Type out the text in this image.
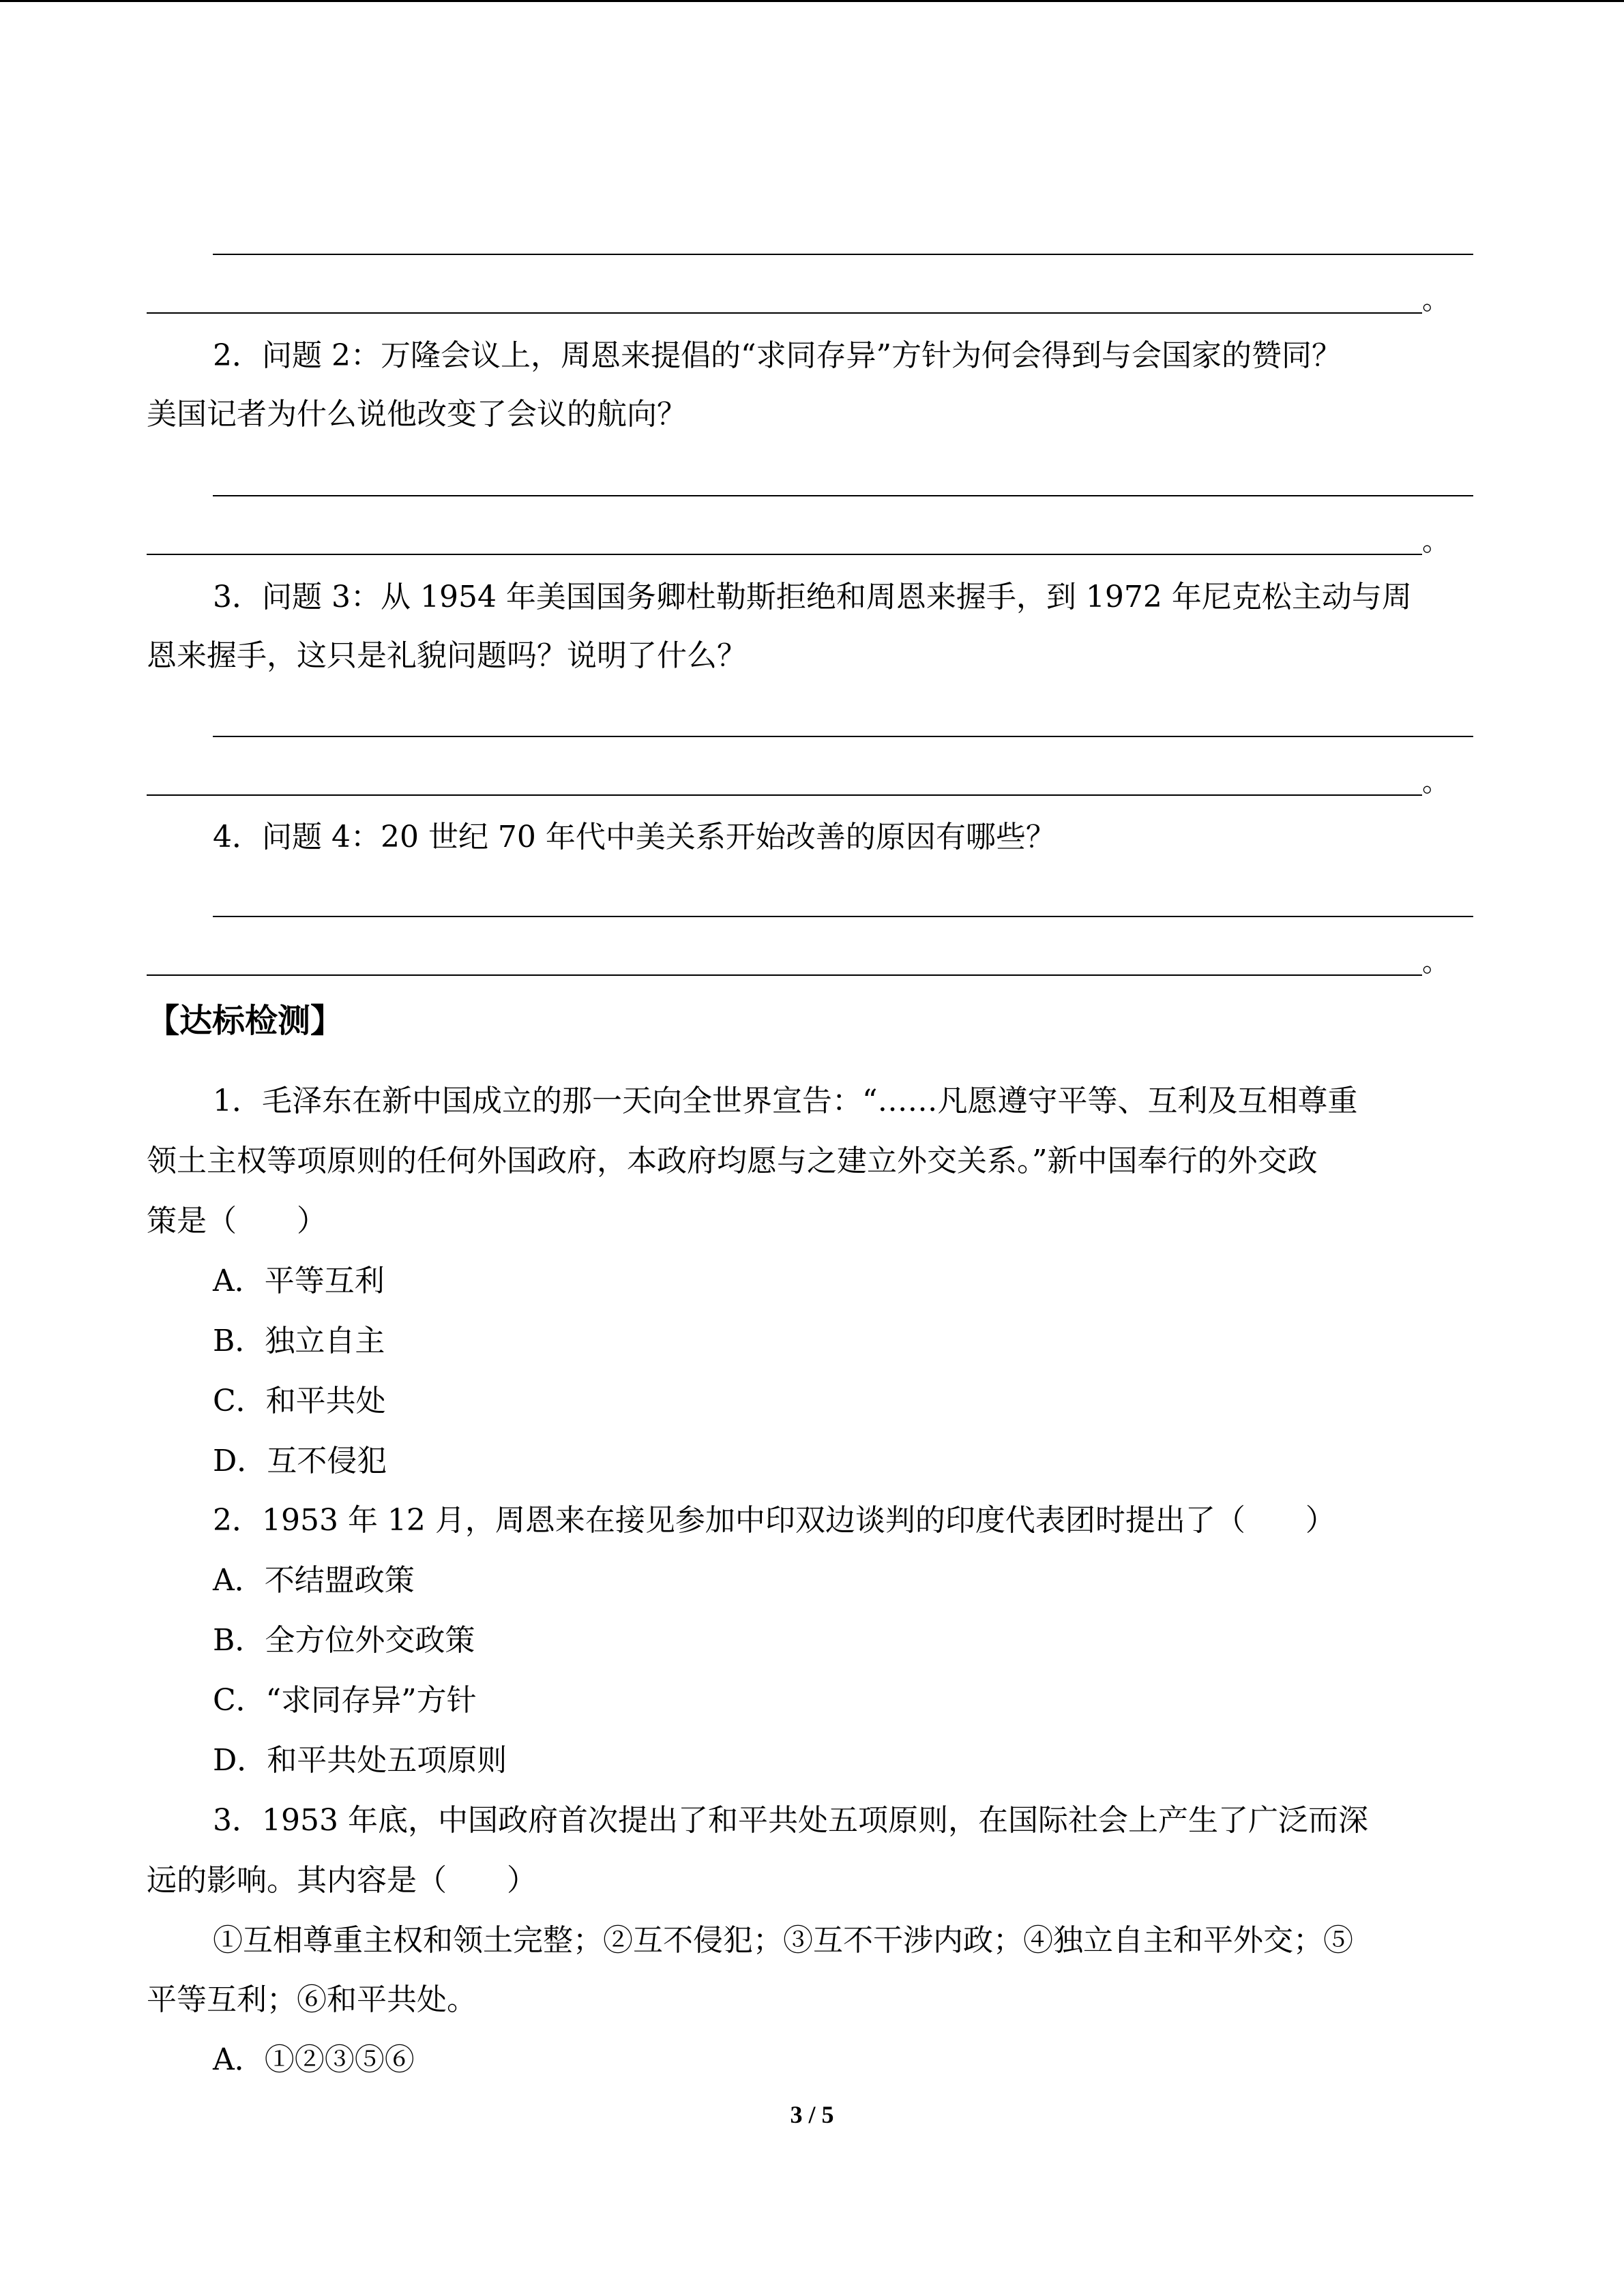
。
2．问题 2：万隆会议上，周恩来提倡的“求同存异”方针为何会得到与会国家的赞同？
美国记者为什么说他改变了会议的航向？
。
3．问题 3：从 1954 年美国国务卿杜勒斯拒绝和周恩来握手，到 1972 年尼克松主动与周
恩来握手，这只是礼貌问题吗？说明了什么？
。
4．问题 4：20 世纪 70 年代中美关系开始改善的原因有哪些？
。
【达标检测】
1．毛泽东在新中国成立的那一天向全世界宣告：“……凡愿遵守平等、互利及互相尊重
领土主权等项原则的任何外国政府，本政府均愿与之建立外交关系。”新中国奉行的外交政
策是（　　）
A．平等互利
B．独立自主
C．和平共处
D．互不侵犯
2．1953 年 12 月，周恩来在接见参加中印双边谈判的印度代表团时提出了（　　）
A．不结盟政策
B．全方位外交政策
C．“求同存异”方针
D．和平共处五项原则
3．1953 年底，中国政府首次提出了和平共处五项原则，在国际社会上产生了广泛而深
远的影响。其内容是（　　）
①互相尊重主权和领土完整；②互不侵犯；③互不干涉内政；④独立自主和平外交；⑤
平等互利；⑥和平共处。
A．①②③⑤⑥
3 / 5
